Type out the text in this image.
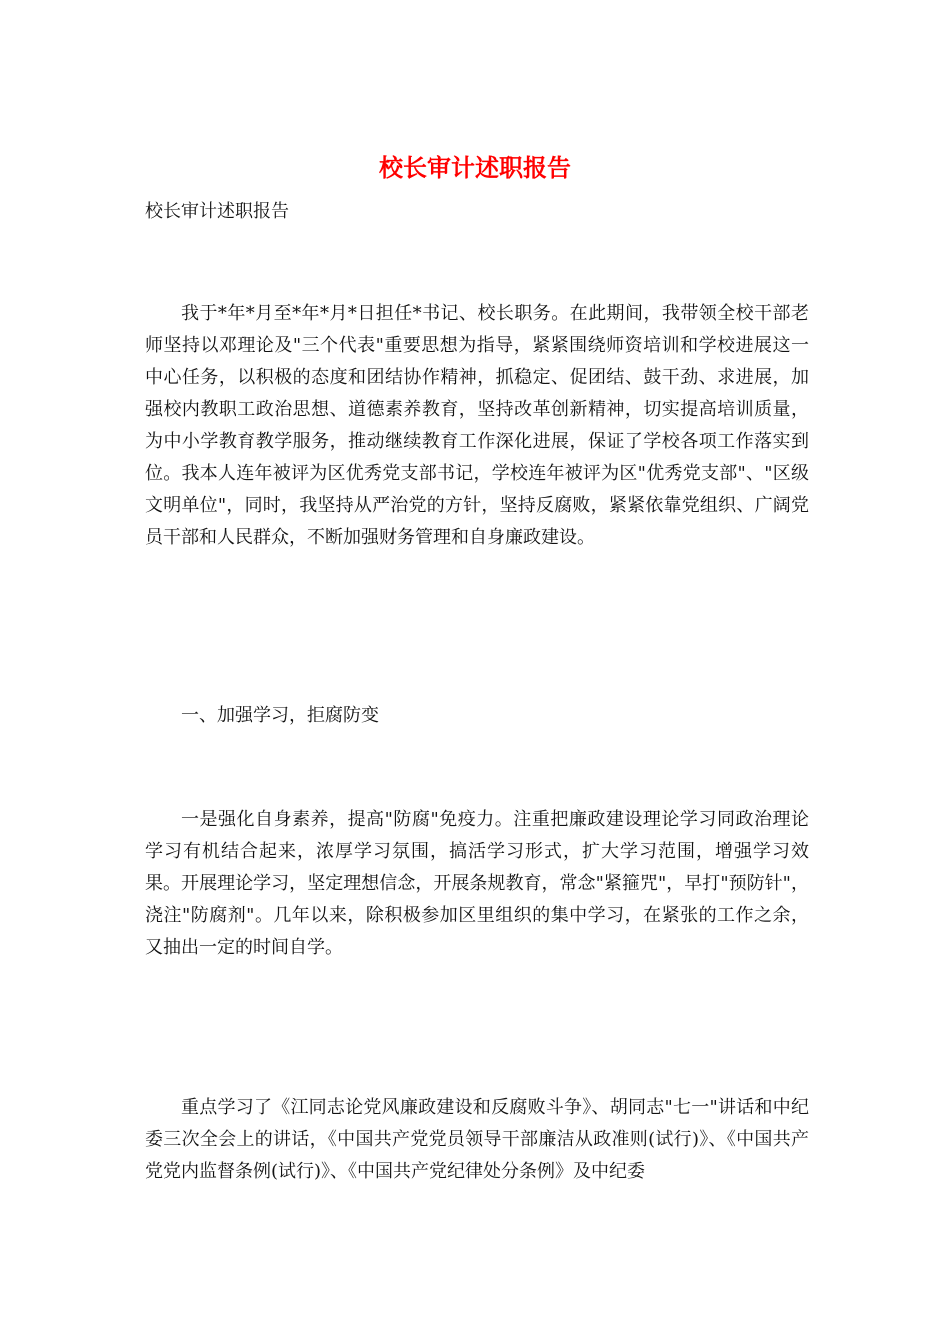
校长审计述职报告
校长审计述职报告

我于*年*月至*年*月*日担任*书记、校长职务。在此期间，我带领全校干部老师坚持以邓理论及"三个代表"重要思想为指导，紧紧围绕师资培训和学校进展这一中心任务，以积极的态度和团结协作精神，抓稳定、促团结、鼓干劲、求进展，加强校内教职工政治思想、道德素养教育，坚持改革创新精神，切实提高培训质量，为中小学教育教学服务，推动继续教育工作深化进展，保证了学校各项工作落实到位。我本人连年被评为区优秀党支部书记，学校连年被评为区"优秀党支部"、"区级文明单位"，同时，我坚持从严治党的方针，坚持反腐败，紧紧依靠党组织、广阔党员干部和人民群众，不断加强财务管理和自身廉政建设。

一、加强学习，拒腐防变

一是强化自身素养，提高"防腐"免疫力。注重把廉政建设理论学习同政治理论学习有机结合起来，浓厚学习氛围，搞活学习形式，扩大学习范围，增强学习效果。开展理论学习，坚定理想信念，开展条规教育，常念"紧箍咒"，早打"预防针"，浇注"防腐剂"。几年以来，除积极参加区里组织的集中学习，在紧张的工作之余，又抽出一定的时间自学。

重点学习了《江同志论党风廉政建设和反腐败斗争》、胡同志"七一"讲话和中纪委三次全会上的讲话，《中国共产党党员领导干部廉洁从政准则(试行)》、《中国共产党党内监督条例(试行)》、《中国共产党纪律处分条例》及中纪委
